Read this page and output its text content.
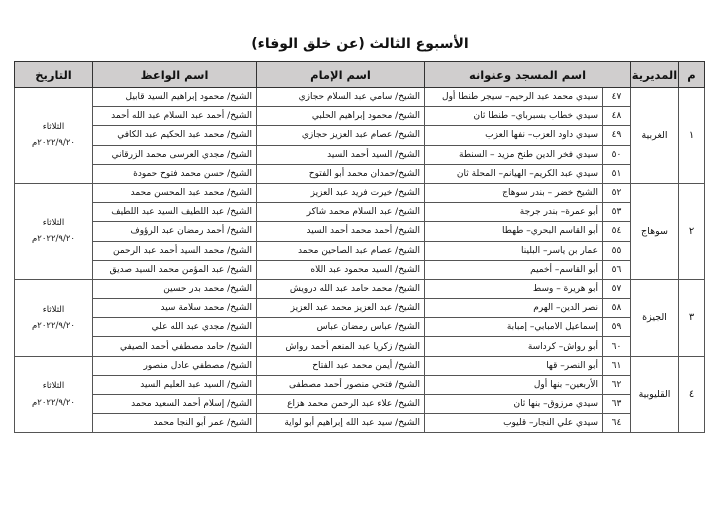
الأسبوع الثالث (عن خلق الوفاء)
م	المديرية	اسم المسجد وعنوانه		اسم الإمام	اسم الواعظ	التاريخ
١	الغربية	٤٧	سيدي محمد عبد الرحيم– سيجر طنطا أول	الشيخ/ سامي عبد السلام حجازي	الشيخ/ محمود إبراهيم السيد قابيل	الثلاثاء
٢٠٢٢/٩/٢٠م

		٤٨	سيدي خطاب بسبرباي– طنطا ثان	الشيخ/ محمود إبراهيم الحلبي	الشيخ/ أحمد عبد السلام عبد الله أحمد	
		٤٩	سيدي داود العزب– نفها العزب	الشيخ/ عصام عبد العزيز حجازي	الشيخ/ محمد عبد الحكيم عبد الكافي	
		٥٠	سيدي فخر الدين طنخ مزيد – السنطة	الشيخ/ السيد أحمد السيد	الشيخ/ مجدي العرسى محمد الزرقاني	
		٥١	سيدي عبد الكريم– الهيانم– المحلة ثان	الشيخ/حمدان محمد أبو الفتوح	الشيخ/ حسن محمد فتوح حمودة	
٢	سوهاج	٥٢	الشيخ خضر – بندر سوهاج	الشيخ/ خيرت فريد عبد العزيز	الشيخ/ محمد عبد المحسن محمد	الثلاثاء
٢٠٢٢/٩/٢٠م

		٥٣	أبو عمرة– بندر جرجة	الشيخ/ عبد السلام محمد شاكر	الشيخ/ عبد اللطيف السيد عبد اللطيف	
		٥٤	أبو القاسم البحري– طهطا	الشيخ/ أحمد محمد أحمد السيد	الشيخ/ أحمد رمضان عبد الرؤوف	
		٥٥	عمار بن ياسر– البلينا	الشيخ/ عصام عبد الصاحين محمد	الشيخ/ محمد السيد أحمد عبد الرحمن	
		٥٦	أبو القاسم– أخميم	الشيخ/ السيد محمود عبد اللاه	الشيخ/ عبد المؤمن محمد السيد صديق	
٣	الجيزة	٥٧	أبو هريرة – وسط	الشيخ/ محمد حامد عبد الله درويش	الشيخ/ محمد بدر حسين	الثلاثاء
٢٠٢٢/٩/٢٠م

		٥٨	نصر الدين– الهرم	الشيخ/ عبد العزيز محمد عبد العزيز	الشيخ/ محمد سلامة سيد	
		٥٩	إسماعيل الامبابي– إمبابة	الشيخ/ عباس رمضان عباس	الشيخ/ مجدي عبد الله علي	
		٦٠	أبو رواش– كرداسة	الشيخ/ زكريا عبد المنعم أحمد رواش	الشيخ/ حامد مصطفي أحمد الصيفي	
٤	القليوبية	٦١	أبو النصر– قها	الشيخ/ أيمن محمد عبد الفتاح	الشيخ/ مصطفي عادل منصور	الثلاثاء
٢٠٢٢/٩/٢٠م

		٦٢	الأربعين– بنها أول	الشيخ/ فتحي منصور أحمد مصطفى	الشيخ/ السيد عبد العليم السيد	
		٦٣	سيدي مرزوق– بنها ثان	الشيخ/ علاء عبد الرحمن محمد هزاع	الشيخ/ إسلام أحمد السعيد محمد	
		٦٤	سيدي علي النجار– قليوب	الشيخ/ سيد عبد الله إبراهيم أبو لواية	الشيخ/ عمر أبو النجا محمد	
